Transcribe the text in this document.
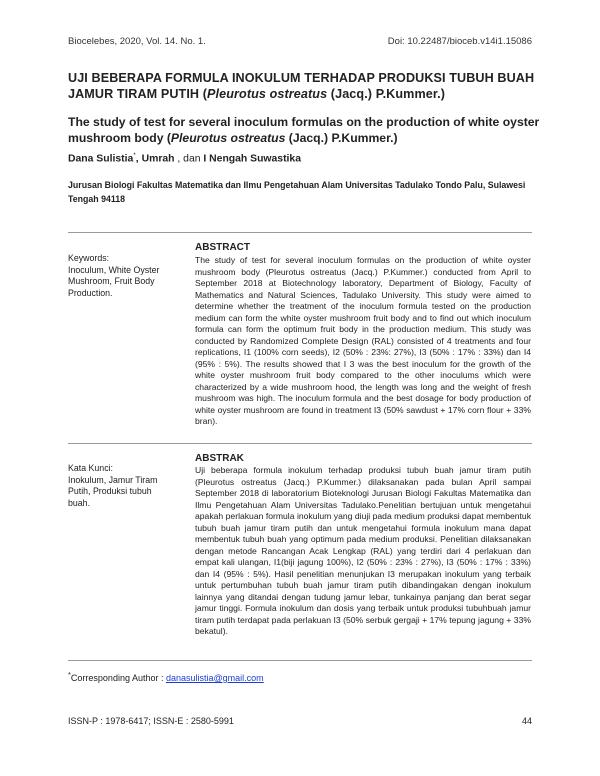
Biocelebes, 2020, Vol. 14. No. 1.	Doi: 10.22487/bioceb.v14i1.15086
UJI BEBERAPA FORMULA INOKULUM TERHADAP PRODUKSI TUBUH BUAH JAMUR TIRAM PUTIH (Pleurotus ostreatus (Jacq.) P.Kummer.)
The study of test for several inoculum formulas on the production of white oyster mushroom body (Pleurotus ostreatus (Jacq.) P.Kummer.)
Dana Sulistia*, Umrah , dan I Nengah Suwastika
Jurusan Biologi Fakultas Matematika dan Ilmu Pengetahuan Alam Universitas Tadulako Tondo Palu, Sulawesi Tengah 94118
Keywords:
Inoculum, White Oyster Mushroom, Fruit Body Production.
ABSTRACT
The study of test for several inoculum formulas on the production of white oyster mushroom body (Pleurotus ostreatus (Jacq.) P.Kummer.) conducted from April to September 2018 at Biotechnology laboratory, Department of Biology, Faculty of Mathematics and Natural Sciences, Tadulako University. This study were aimed to determine whether the treatment of the inoculum formula tested on the production medium can form the white oyster mushroom fruit body and to find out which inoculum formula can form the optimum fruit body in the production medium. This study was conducted by Randomized Complete Design (RAL) consisted of 4 treatments and four replications, I1 (100% corn seeds), I2 (50% : 23%: 27%), I3 (50% : 17% : 33%) dan I4 (95% : 5%). The results showed that I 3 was the best inoculum for the growth of the white oyster mushroom fruit body compared to the other inoculums which were characterized by a wide mushroom hood, the length was long and the weight of fresh mushroom was high. The inoculum formula and the best dosage for body production of white oyster mushroom are found in treatment I3 (50% sawdust + 17% corn flour + 33% bran).
Kata Kunci:
Inokulum, Jamur Tiram Putih, Produksi tubuh buah.
ABSTRAK
Uji beberapa formula inokulum terhadap produksi tubuh buah jamur tiram putih (Pleurotus ostreatus (Jacq.) P.Kummer.) dilaksanakan pada bulan April sampai September 2018 di laboratorium Bioteknologi Jurusan Biologi Fakultas Matematika dan Ilmu Pengetahuan Alam Universitas Tadulako.Penelitian bertujuan untuk mengetahui apakah perlakuan formula inokulum yang diuji pada medium produksi dapat membentuk tubuh buah jamur tiram putih dan untuk mengetahui formula inokulum mana dapat membentuk tubuh buah yang optimum pada medium produksi. Penelitian dilaksanakan dengan metode Rancangan Acak Lengkap (RAL) yang terdiri dari 4 perlakuan dan empat kali ulangan, I1(biji jagung 100%), I2 (50% : 23% : 27%), I3 (50% : 17% : 33%) dan I4 (95% : 5%). Hasil penelitian menunjukan I3 merupakan inokulum yang terbaik untuk pertumbuhan tubuh buah jamur tiram putih dibandingakan dengan inokulum lainnya yang ditandai dengan tudung jamur lebar, tunkainya panjang dan berat segar jamur tinggi. Formula inokulum dan dosis yang terbaik untuk produksi tubuhbuah jamur tiram putih terdapat pada perlakuan I3 (50% serbuk gergaji + 17% tepung jagung + 33% bekatul).
*Corresponding Author : danasulistia@gmail.com
ISSN-P : 1978-6417; ISSN-E : 2580-5991	44
